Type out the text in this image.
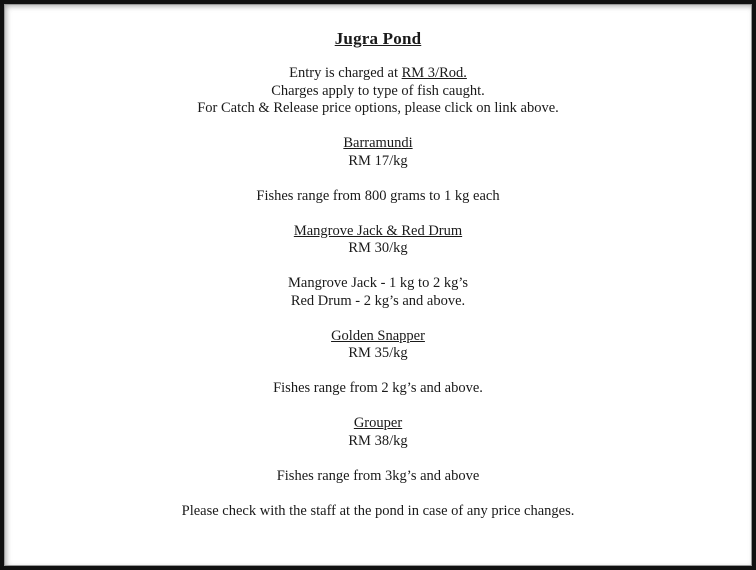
Jugra Pond
Entry is charged at RM 3/Rod.
Charges apply to type of fish caught.
For Catch & Release price options, please click on link above.
Barramundi
RM 17/kg
Fishes range from 800 grams to 1 kg each
Mangrove Jack & Red Drum
RM 30/kg
Mangrove Jack - 1 kg to 2 kg’s
Red Drum - 2 kg’s and above.
Golden Snapper
RM 35/kg
Fishes range from 2 kg’s and above.
Grouper
RM 38/kg
Fishes range from 3kg’s and above
Please check with the staff at the pond in case of any price changes.
